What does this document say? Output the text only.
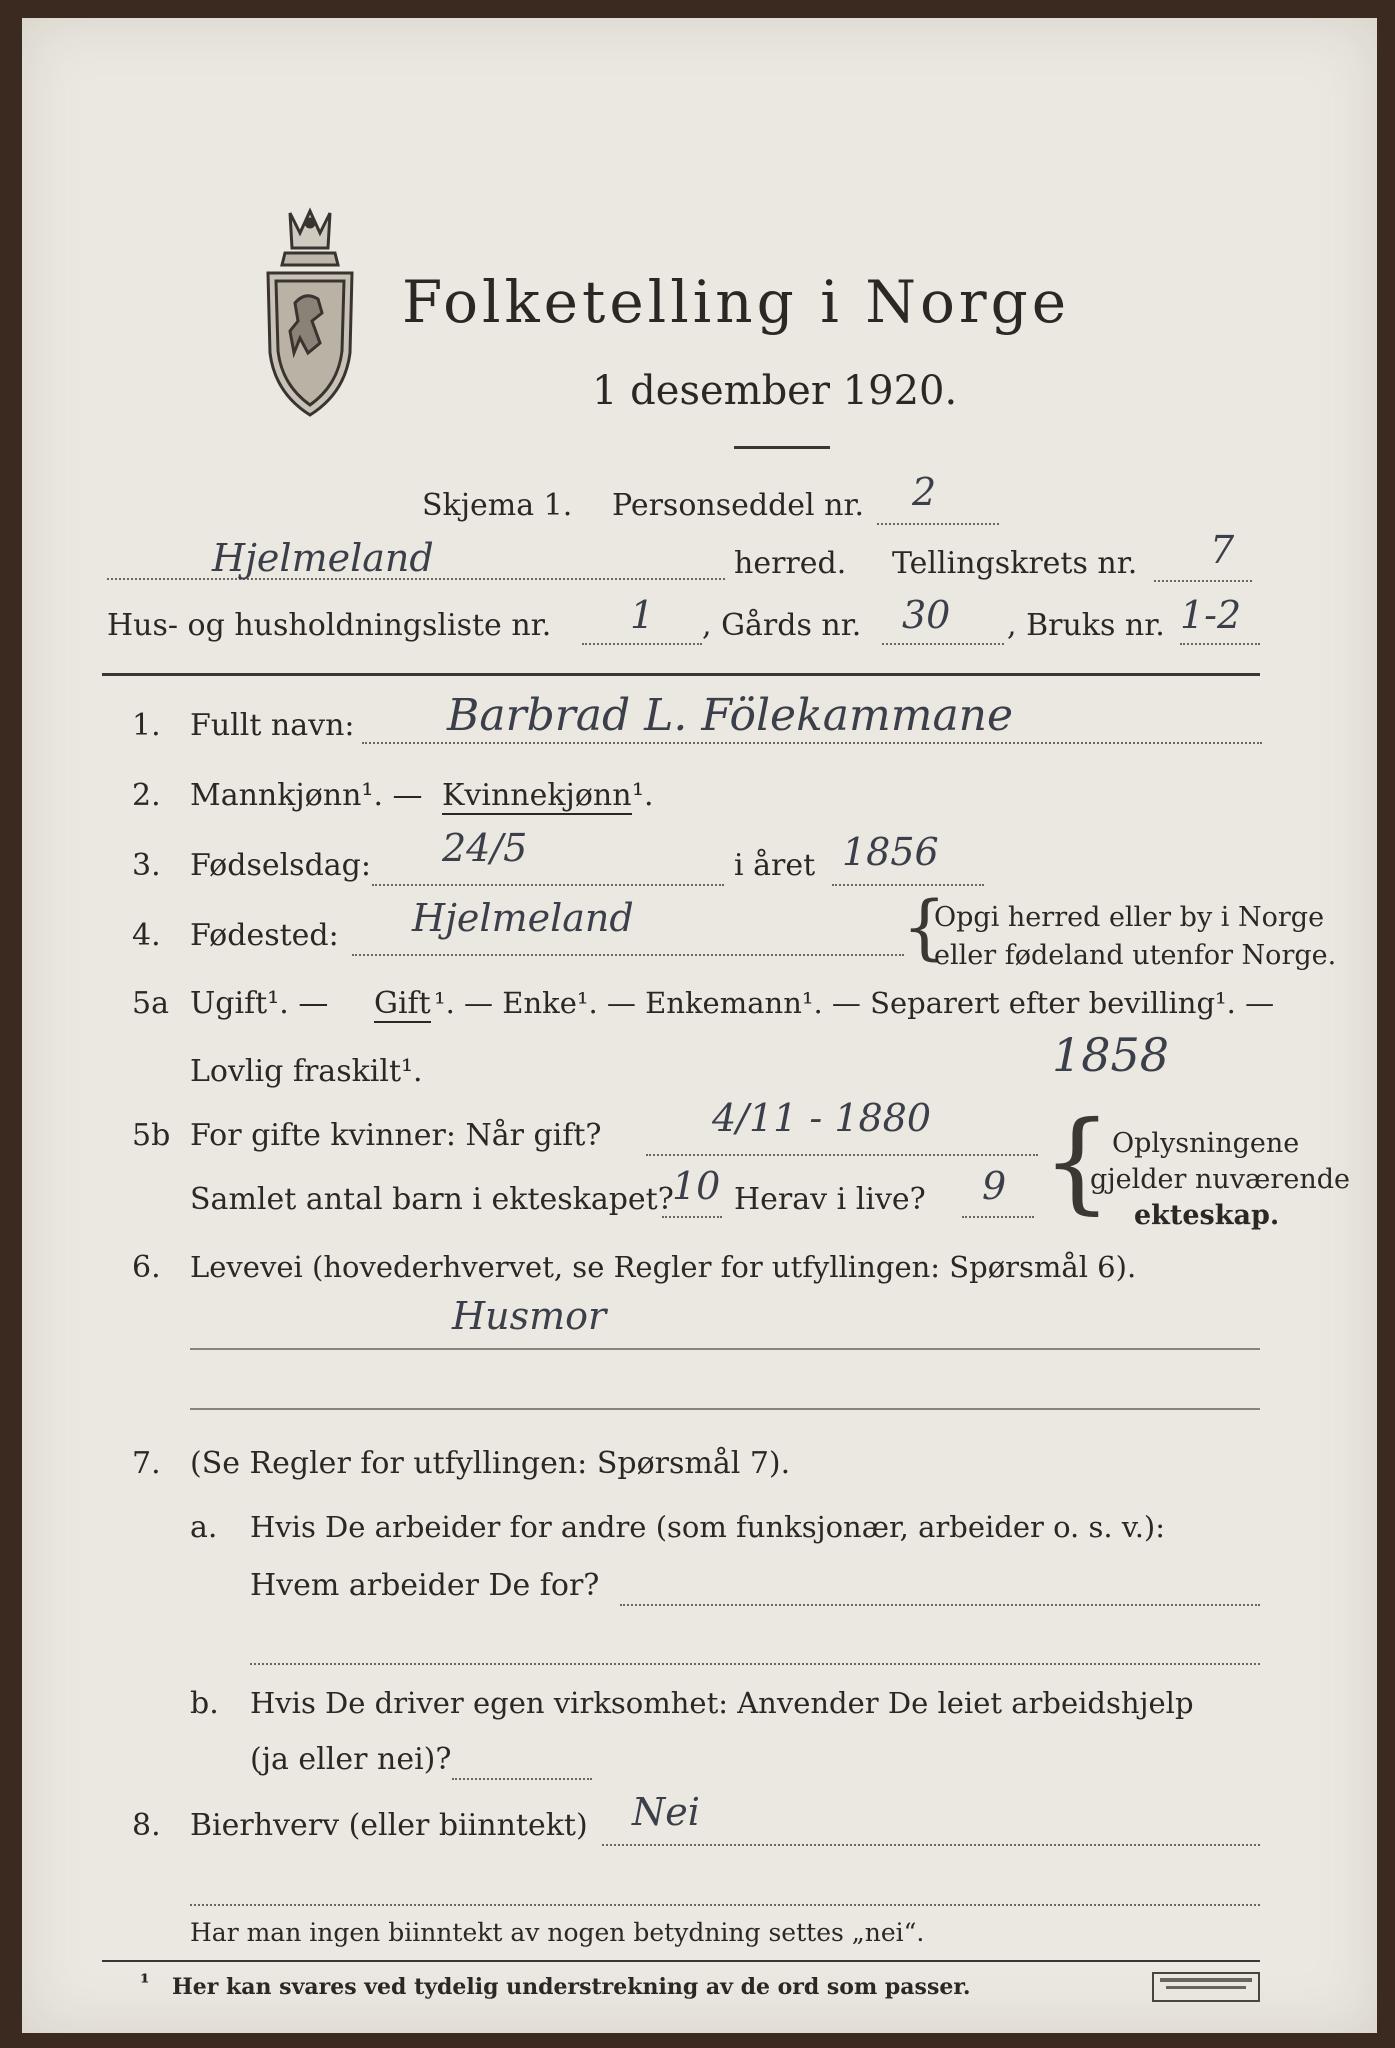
Folketelling i Norge
1 desember 1920.
Skjema 1. Personseddel nr. 2
Hjelmeland	herred. Tellingskrets nr. 7
Hus- og husholdningsliste nr. 1 , Gårds nr. 30 , Bruks nr. 1-2
1. Fullt navn: Barbrad L. Fölekammane
2. Mannkjønn¹. — Kvinnekjønn ¹.
3. Fødselsdag: 24/5	i året 1856
4. Fødested: Hjelmeland	{
Opgi herred eller by i Norge
eller fødeland utenfor Norge.
5a Ugift¹. — Gift ¹. — Enke¹. — Enkemann¹. — Separert efter bevilling¹. —
Lovlig fraskilt¹.	1858
5b For gifte kvinner: Når gift?	4/11 - 1880
Samlet antal barn i ekteskapet?
10 Herav i live? 9 { Oplysningene
gjelder nuværende
ekteskap.
6. Levevei (hovederhvervet, se Regler for utfyllingen: Spørsmål 6).
Husmor
7. (Se Regler for utfyllingen: Spørsmål 7).
a. Hvis De arbeider for andre (som funksjonær, arbeider o. s. v.):
Hvem arbeider De for?
b. Hvis De driver egen virksomhet: Anvender De leiet arbeidshjelp
(ja eller nei)?
8. Bierhverv (eller biinntekt) Nei
Har man ingen biinntekt av nogen betydning settes „nei“.
¹ Her kan svares ved tydelig understrekning av de ord som passer.
